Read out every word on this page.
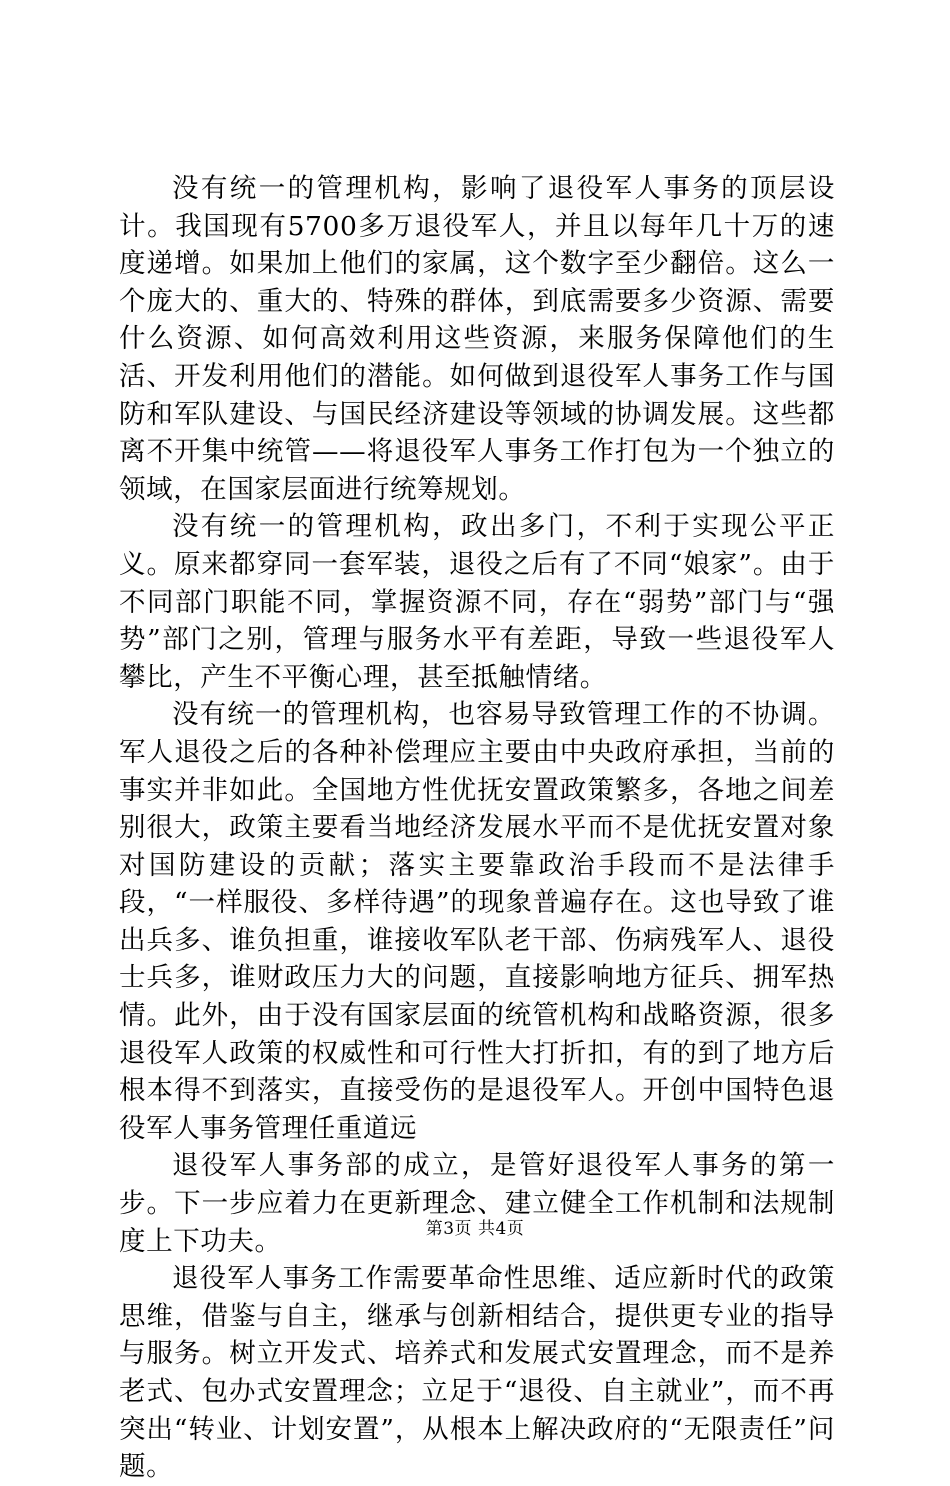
没有统一的管理机构，影响了退役军人事务的顶层设计。我国现有5700多万退役军人，并且以每年几十万的速度递增。如果加上他们的家属，这个数字至少翻倍。这么一个庞大的、重大的、特殊的群体，到底需要多少资源、需要什么资源、如何高效利用这些资源，来服务保障他们的生活、开发利用他们的潜能。如何做到退役军人事务工作与国防和军队建设、与国民经济建设等领域的协调发展。这些都离不开集中统管——将退役军人事务工作打包为一个独立的领域，在国家层面进行统筹规划。

没有统一的管理机构，政出多门，不利于实现公平正义。原来都穿同一套军装，退役之后有了不同“娘家”。由于不同部门职能不同，掌握资源不同，存在“弱势”部门与“强势”部门之别，管理与服务水平有差距，导致一些退役军人攀比，产生不平衡心理，甚至抵触情绪。

没有统一的管理机构，也容易导致管理工作的不协调。军人退役之后的各种补偿理应主要由中央政府承担，当前的事实并非如此。全国地方性优抚安置政策繁多，各地之间差别很大，政策主要看当地经济发展水平而不是优抚安置对象对国防建设的贡献；落实主要靠政治手段而不是法律手段，“一样服役、多样待遇”的现象普遍存在。这也导致了谁出兵多、谁负担重，谁接收军队老干部、伤病残军人、退役士兵多，谁财政压力大的问题，直接影响地方征兵、拥军热情。此外，由于没有国家层面的统管机构和战略资源，很多退役军人政策的权威性和可行性大打折扣，有的到了地方后根本得不到落实，直接受伤的是退役军人。开创中国特色退役军人事务管理任重道远

退役军人事务部的成立，是管好退役军人事务的第一步。下一步应着力在更新理念、建立健全工作机制和法规制度上下功夫。

退役军人事务工作需要革命性思维、适应新时代的政策思维，借鉴与自主，继承与创新相结合，提供更专业的指导与服务。树立开发式、培养式和发展式安置理念，而不是养老式、包办式安置理念；立足于“退役、自主就业”，而不再突出“转业、计划安置”，从根本上解决政府的“无限责任”问题。

第3页 共4页
